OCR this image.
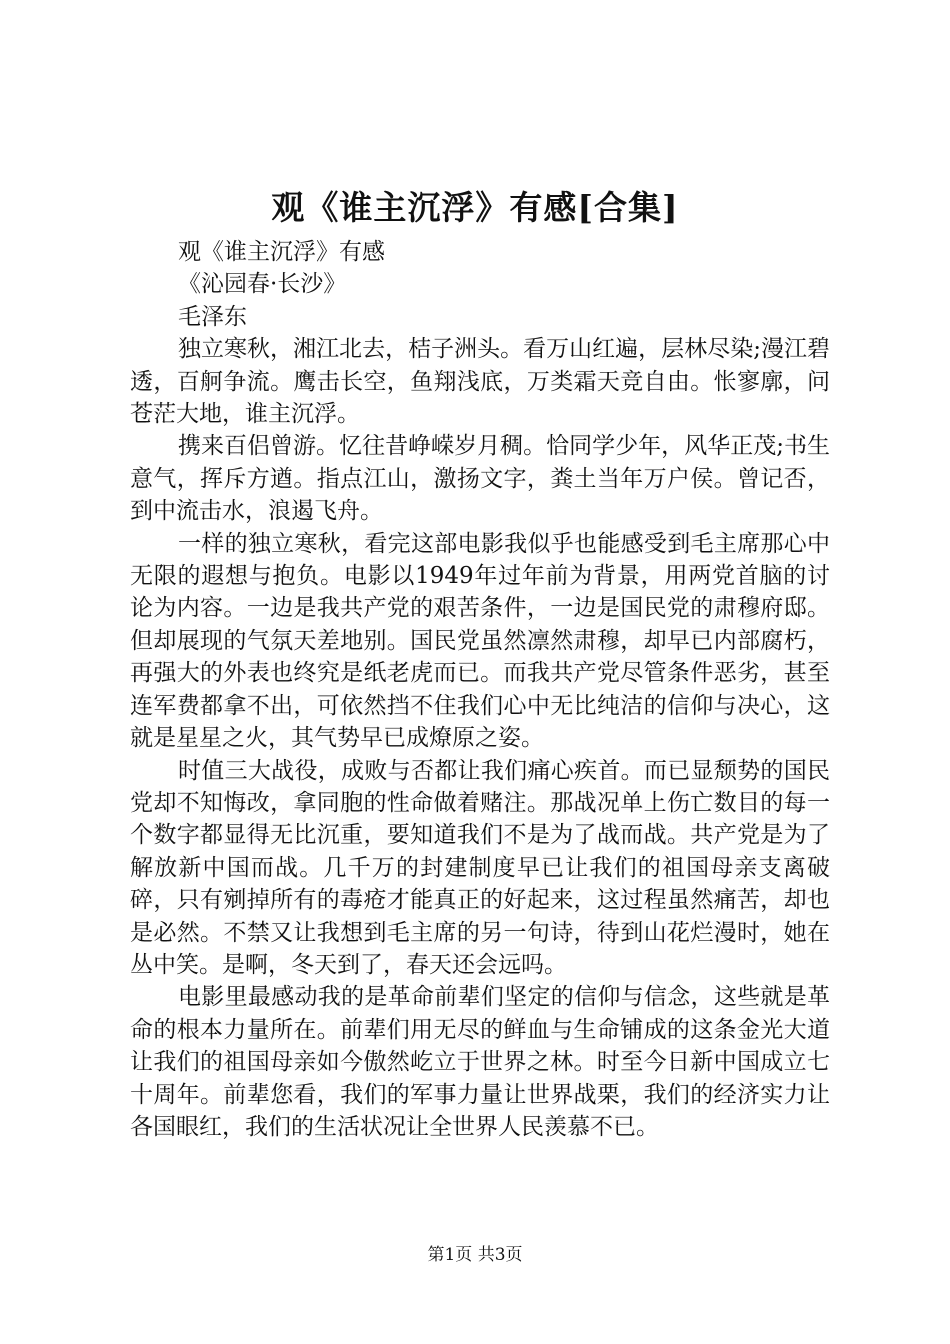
观《谁主沉浮》有感[合集]

观《谁主沉浮》有感

《沁园春·长沙》

毛泽东

独立寒秋，湘江北去，桔子洲头。看万山红遍，层林尽染;漫江碧透，百舸争流。鹰击长空，鱼翔浅底，万类霜天竞自由。怅寥廓，问苍茫大地，谁主沉浮。

携来百侣曾游。忆往昔峥嵘岁月稠。恰同学少年，风华正茂;书生意气，挥斥方遒。指点江山，激扬文字，粪土当年万户侯。曾记否，到中流击水，浪遏飞舟。

一样的独立寒秋，看完这部电影我似乎也能感受到毛主席那心中无限的遐想与抱负。电影以1949年过年前为背景，用两党首脑的讨论为内容。一边是我共产党的艰苦条件，一边是国民党的肃穆府邸。但却展现的气氛天差地别。国民党虽然凛然肃穆，却早已内部腐朽，再强大的外表也终究是纸老虎而已。而我共产党尽管条件恶劣，甚至连军费都拿不出，可依然挡不住我们心中无比纯洁的信仰与决心，这就是星星之火，其气势早已成燎原之姿。

时值三大战役，成败与否都让我们痛心疾首。而已显颓势的国民党却不知悔改，拿同胞的性命做着赌注。那战况单上伤亡数目的每一个数字都显得无比沉重，要知道我们不是为了战而战。共产党是为了解放新中国而战。几千万的封建制度早已让我们的祖国母亲支离破碎，只有剜掉所有的毒疮才能真正的好起来，这过程虽然痛苦，却也是必然。不禁又让我想到毛主席的另一句诗，待到山花烂漫时，她在丛中笑。是啊，冬天到了，春天还会远吗。

电影里最感动我的是革命前辈们坚定的信仰与信念，这些就是革命的根本力量所在。前辈们用无尽的鲜血与生命铺成的这条金光大道让我们的祖国母亲如今傲然屹立于世界之林。时至今日新中国成立七十周年。前辈您看，我们的军事力量让世界战栗，我们的经济实力让各国眼红，我们的生活状况让全世界人民羡慕不已。

第1页 共3页
